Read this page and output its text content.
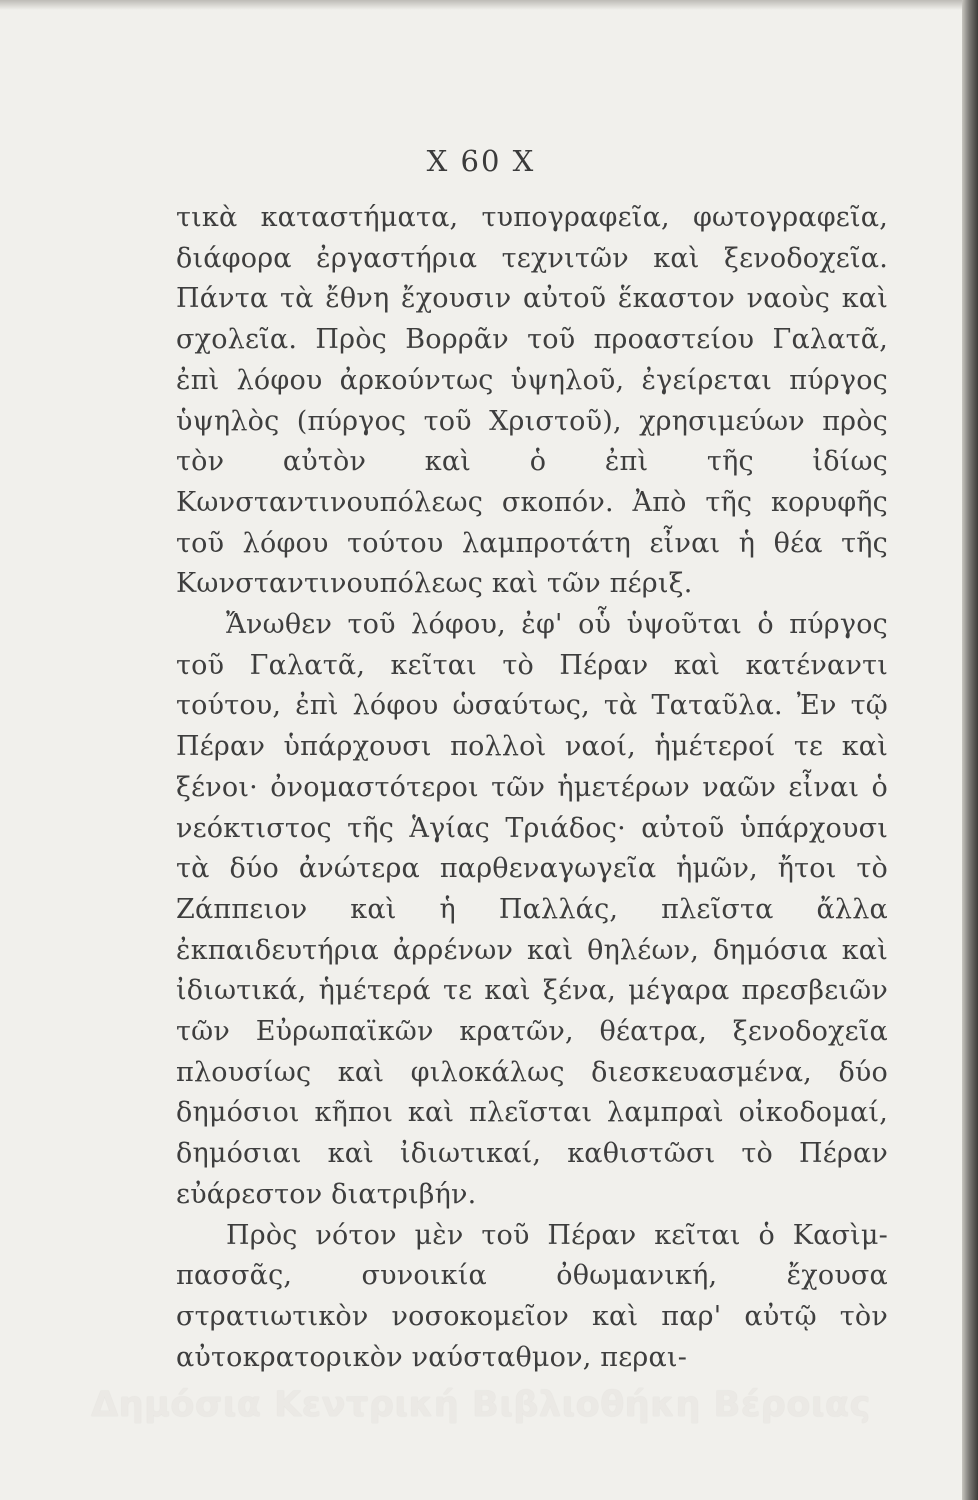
Χ 60 Χ

τικὰ καταστήματα, τυπογραφεῖα, φωτογραφεῖα, διάφορα ἐργαστήρια τεχνιτῶν καὶ ξενοδοχεῖα. Πάντα τὰ ἔθνη ἔχουσιν αὐτοῦ ἕκαστον ναοὺς καὶ σχολεῖα. Πρὸς Βορρᾶν τοῦ προαστείου Γαλατᾶ, ἐπὶ λόφου ἀρκούντως ὑψηλοῦ, ἐγείρεται πύργος ὑψηλὸς (πύργος τοῦ Χριστοῦ), χρησιμεύων πρὸς τὸν αὐτὸν καὶ ὁ ἐπὶ τῆς ἰδίως Κωνσταντινουπόλεως σκοπόν. Ἀπὸ τῆς κορυφῆς τοῦ λόφου τούτου λαμπροτάτη εἶναι ἡ θέα τῆς Κωνσταντινουπόλεως καὶ τῶν πέριξ.

Ἄνωθεν τοῦ λόφου, ἐφ' οὗ ὑψοῦται ὁ πύργος τοῦ Γαλατᾶ, κεῖται τὸ Πέραν καὶ κατέναντι τούτου, ἐπὶ λόφου ὡσαύτως, τὰ Ταταῦλα. Ἐν τῷ Πέραν ὑπάρχουσι πολλοὶ ναοί, ἡμέτεροί τε καὶ ξένοι· ὀνομαστότεροι τῶν ἡμετέρων ναῶν εἶναι ὁ νεόκτιστος τῆς Ἁγίας Τριάδος· αὐτοῦ ὑπάρχουσι τὰ δύο ἀνώτερα παρθεναγωγεῖα ἡμῶν, ἤτοι τὸ Ζάππειον καὶ ἡ Παλλάς, πλεῖστα ἄλλα ἐκπαιδευτήρια ἀρρένων καὶ θηλέων, δημόσια καὶ ἰδιωτικά, ἡμέτερά τε καὶ ξένα, μέγαρα πρεσβειῶν τῶν Εὐρωπαϊκῶν κρατῶν, θέατρα, ξενοδοχεῖα πλουσίως καὶ φιλοκάλως διεσκευασμένα, δύο δημόσιοι κῆποι καὶ πλεῖσται λαμπραὶ οἰκοδομαί, δημόσιαι καὶ ἰδιωτικαί, καθιστῶσι τὸ Πέραν εὐάρεστον διατριβήν.

Πρὸς νότον μὲν τοῦ Πέραν κεῖται ὁ Κασὶμ-πασσᾶς, συνοικία ὀθωμανική, ἔχουσα στρατιωτικὸν νοσοκομεῖον καὶ παρ' αὐτῷ τὸν αὐτοκρατορικὸν ναύσταθμον, περαι-

Δημόσια Κεντρική Βιβλιοθήκη Βέροιας
